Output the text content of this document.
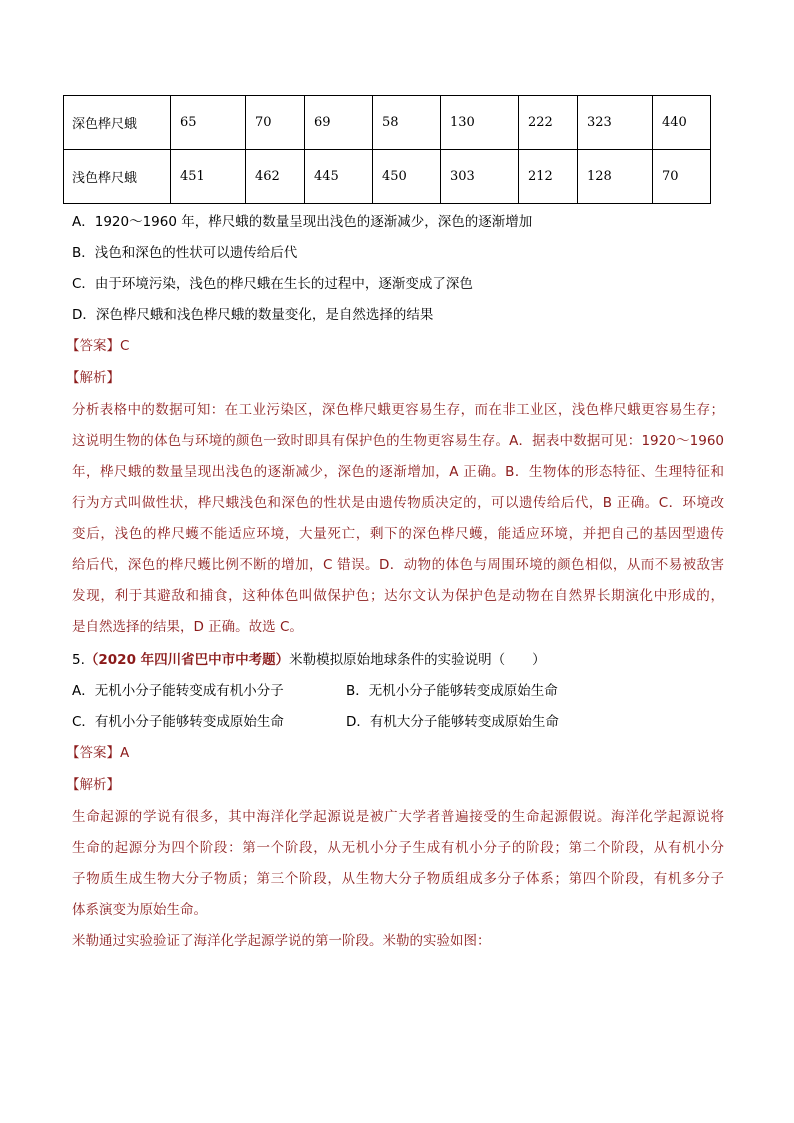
深色桦尺蛾	65	70	69	58	130	222	323	440
浅色桦尺蛾	451	462	445	450	303	212	128	70
A．1920～1960 年，桦尺蛾的数量呈现出浅色的逐渐减少，深色的逐渐增加
B．浅色和深色的性状可以遗传给后代
C．由于环境污染，浅色的桦尺蛾在生长的过程中，逐渐变成了深色
D．深色桦尺蛾和浅色桦尺蛾的数量变化，是自然选择的结果
【答案】C
【解析】
分析表格中的数据可知：在工业污染区，深色桦尺蛾更容易生存，而在非工业区，浅色桦尺蛾更容易生存；
这说明生物的体色与环境的颜色一致时即具有保护色的生物更容易生存。A．据表中数据可见：1920～1960
年，桦尺蛾的数量呈现出浅色的逐渐减少，深色的逐渐增加，A 正确。B．生物体的形态特征、生理特征和
行为方式叫做性状，桦尺蛾浅色和深色的性状是由遗传物质决定的，可以遗传给后代，B 正确。C．环境改
变后，浅色的桦尺蠖不能适应环境，大量死亡，剩下的深色桦尺蠖，能适应环境，并把自己的基因型遗传
给后代，深色的桦尺蠖比例不断的增加，C 错误。D．动物的体色与周围环境的颜色相似，从而不易被敌害
发现，利于其避敌和捕食，这种体色叫做保护色；达尔文认为保护色是动物在自然界长期演化中形成的，
是自然选择的结果，D 正确。故选 C。
5.（2020 年四川省巴中市中考题）米勒模拟原始地球条件的实验说明（　　）
A．无机小分子能转变成有机小分子	B．无机小分子能够转变成原始生命
C．有机小分子能够转变成原始生命	D．有机大分子能够转变成原始生命
【答案】A
【解析】
生命起源的学说有很多，其中海洋化学起源说是被广大学者普遍接受的生命起源假说。海洋化学起源说将
生命的起源分为四个阶段：第一个阶段，从无机小分子生成有机小分子的阶段；第二个阶段，从有机小分
子物质生成生物大分子物质；第三个阶段，从生物大分子物质组成多分子体系；第四个阶段，有机多分子
体系演变为原始生命。
米勒通过实验验证了海洋化学起源学说的第一阶段。米勒的实验如图：
